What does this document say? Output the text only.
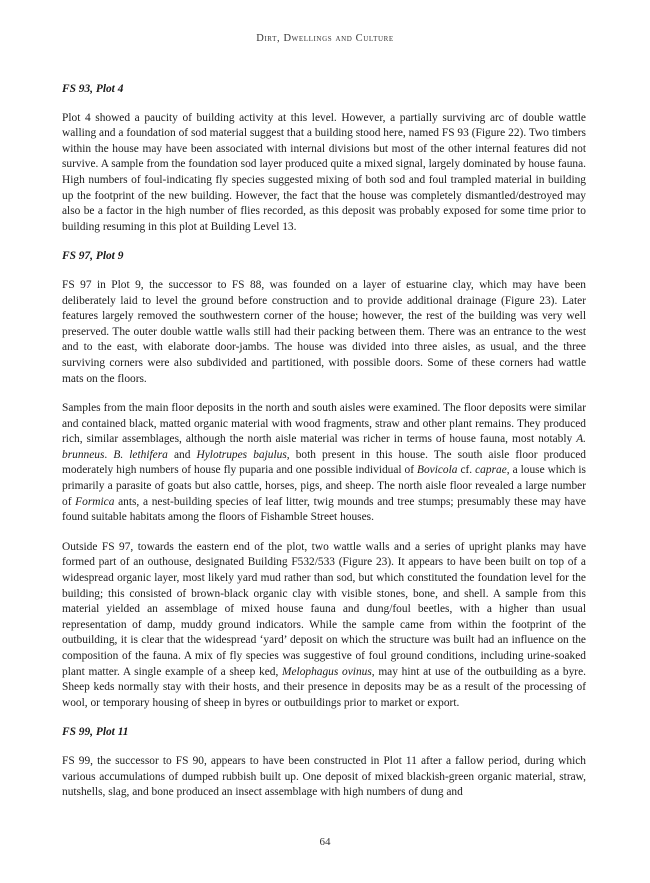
Dirt, Dwellings and Culture
FS 93, Plot 4

Plot 4 showed a paucity of building activity at this level. However, a partially surviving arc of double wattle walling and a foundation of sod material suggest that a building stood here, named FS 93 (Figure 22). Two timbers within the house may have been associated with internal divisions but most of the other internal features did not survive. A sample from the foundation sod layer produced quite a mixed signal, largely dominated by house fauna. High numbers of foul-indicating fly species suggested mixing of both sod and foul trampled material in building up the footprint of the new building. However, the fact that the house was completely dismantled/destroyed may also be a factor in the high number of flies recorded, as this deposit was probably exposed for some time prior to building resuming in this plot at Building Level 13.

FS 97, Plot 9

FS 97 in Plot 9, the successor to FS 88, was founded on a layer of estuarine clay, which may have been deliberately laid to level the ground before construction and to provide additional drainage (Figure 23). Later features largely removed the southwestern corner of the house; however, the rest of the building was very well preserved. The outer double wattle walls still had their packing between them. There was an entrance to the west and to the east, with elaborate door-jambs. The house was divided into three aisles, as usual, and the three surviving corners were also subdivided and partitioned, with possible doors. Some of these corners had wattle mats on the floors.

Samples from the main floor deposits in the north and south aisles were examined. The floor deposits were similar and contained black, matted organic material with wood fragments, straw and other plant remains. They produced rich, similar assemblages, although the north aisle material was richer in terms of house fauna, most notably A. brunneus. B. lethifera and Hylotrupes bajulus, both present in this house. The south aisle floor produced moderately high numbers of house fly puparia and one possible individual of Bovicola cf. caprae, a louse which is primarily a parasite of goats but also cattle, horses, pigs, and sheep. The north aisle floor revealed a large number of Formica ants, a nest-building species of leaf litter, twig mounds and tree stumps; presumably these may have found suitable habitats among the floors of Fishamble Street houses.

Outside FS 97, towards the eastern end of the plot, two wattle walls and a series of upright planks may have formed part of an outhouse, designated Building F532/533 (Figure 23). It appears to have been built on top of a widespread organic layer, most likely yard mud rather than sod, but which constituted the foundation level for the building; this consisted of brown-black organic clay with visible stones, bone, and shell. A sample from this material yielded an assemblage of mixed house fauna and dung/foul beetles, with a higher than usual representation of damp, muddy ground indicators. While the sample came from within the footprint of the outbuilding, it is clear that the widespread ‘yard’ deposit on which the structure was built had an influence on the composition of the fauna. A mix of fly species was suggestive of foul ground conditions, including urine-soaked plant matter. A single example of a sheep ked, Melophagus ovinus, may hint at use of the outbuilding as a byre. Sheep keds normally stay with their hosts, and their presence in deposits may be as a result of the processing of wool, or temporary housing of sheep in byres or outbuildings prior to market or export.

FS 99, Plot 11

FS 99, the successor to FS 90, appears to have been constructed in Plot 11 after a fallow period, during which various accumulations of dumped rubbish built up. One deposit of mixed blackish-green organic material, straw, nutshells, slag, and bone produced an insect assemblage with high numbers of dung and

64
